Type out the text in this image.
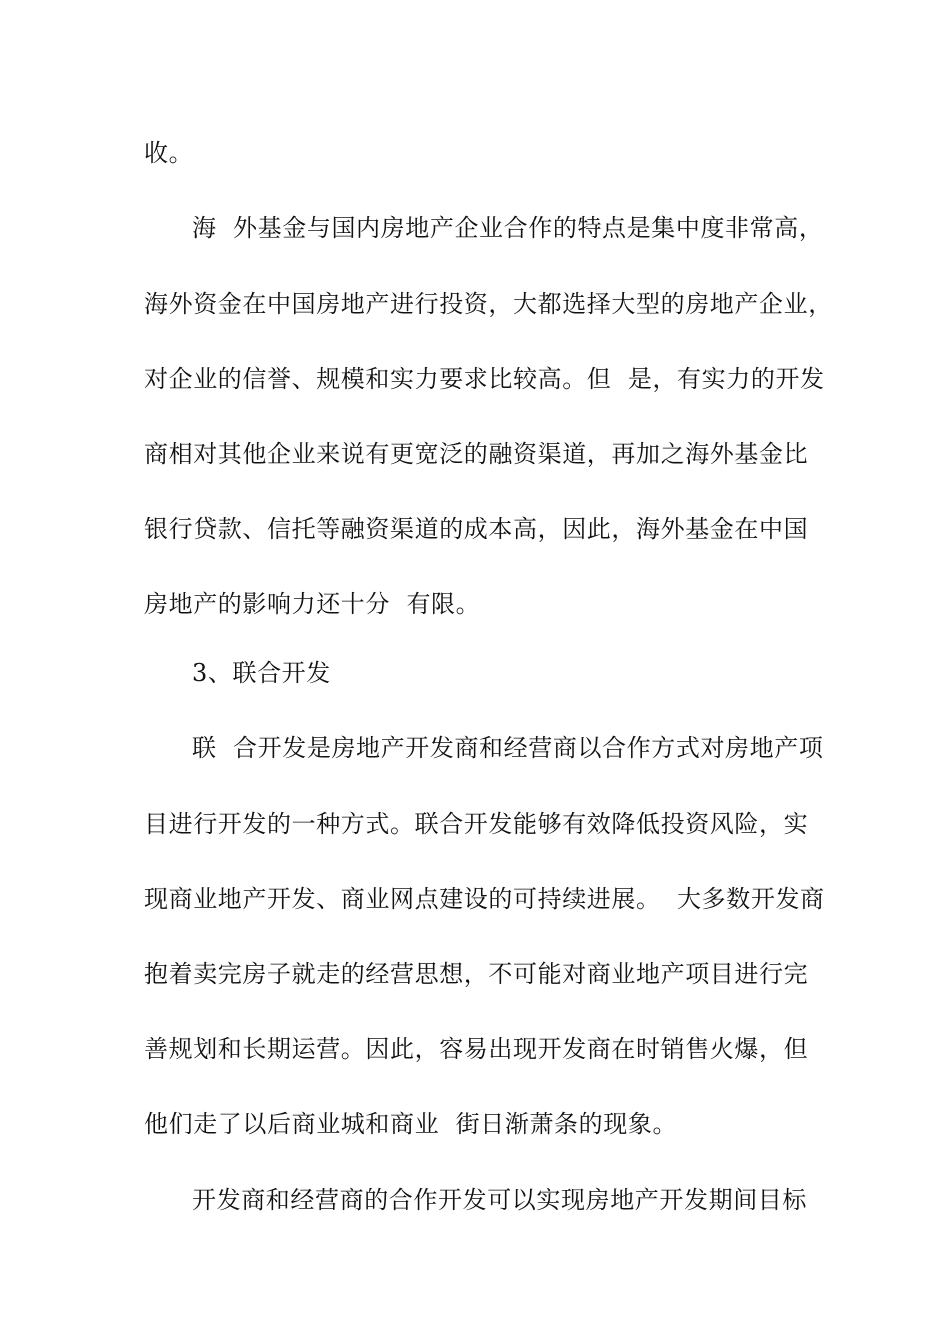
收。
海  外基金与国内房地产企业合作的特点是集中度非常高，
海外资金在中国房地产进行投资，大都选择大型的房地产企业，
对企业的信誉、规模和实力要求比较高。但  是，有实力的开发
商相对其他企业来说有更宽泛的融资渠道，再加之海外基金比
银行贷款、信托等融资渠道的成本高，因此，海外基金在中国
房地产的影响力还十分  有限。
3、联合开发
联  合开发是房地产开发商和经营商以合作方式对房地产项
目进行开发的一种方式。联合开发能够有效降低投资风险，实
现商业地产开发、商业网点建设的可持续进展。  大多数开发商
抱着卖完房子就走的经营思想，不可能对商业地产项目进行完
善规划和长期运营。因此，容易出现开发商在时销售火爆，但
他们走了以后商业城和商业  街日渐萧条的现象。
开发商和经营商的合作开发可以实现房地产开发期间目标
